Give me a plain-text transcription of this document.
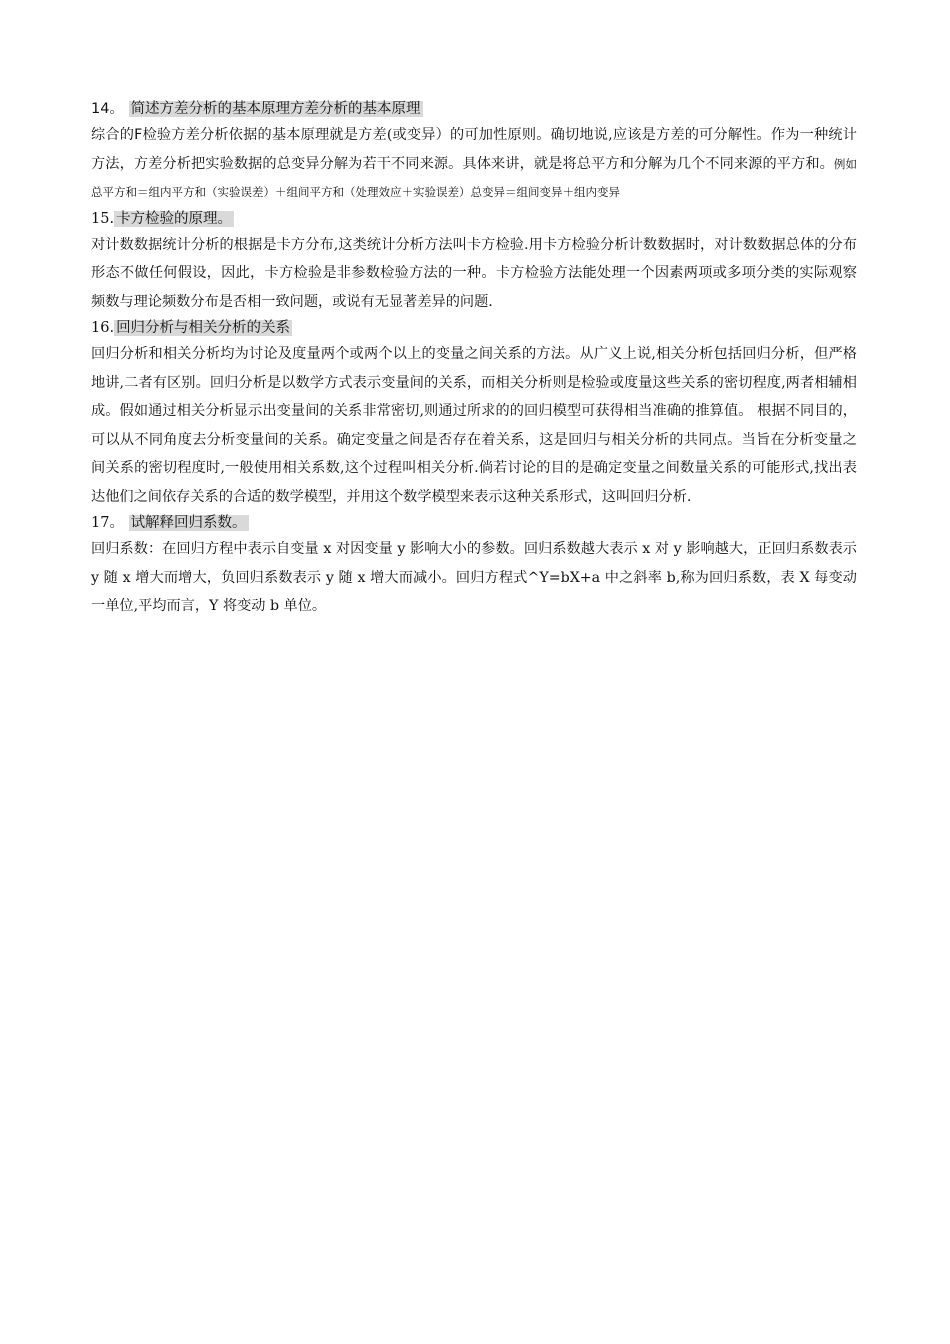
14。 简述方差分析的基本原理方差分析的基本原理

综合的F检验方差分析依据的基本原理就是方差(或变异）的可加性原则。确切地说,应该是方差的可分解性。作为一种统计方法，方差分析把实验数据的总变异分解为若干不同来源。具体来讲，就是将总平方和分解为几个不同来源的平方和。例如总平方和＝组内平方和（实验误差）＋组间平方和（处理效应＋实验误差）总变异＝组间变异＋组内变异

15. 卡方检验的原理。

对计数数据统计分析的根据是卡方分布,这类统计分析方法叫卡方检验.用卡方检验分析计数数据时，对计数数据总体的分布形态不做任何假设，因此，卡方检验是非参数检验方法的一种。卡方检验方法能处理一个因素两项或多项分类的实际观察频数与理论频数分布是否相一致问题，或说有无显著差异的问题.

16. 回归分析与相关分析的关系

回归分析和相关分析均为讨论及度量两个或两个以上的变量之间关系的方法。从广义上说,相关分析包括回归分析，但严格地讲,二者有区别。回归分析是以数学方式表示变量间的关系，而相关分析则是检验或度量这些关系的密切程度,两者相辅相成。假如通过相关分析显示出变量间的关系非常密切,则通过所求的的回归模型可获得相当准确的推算值。 根据不同目的，可以从不同角度去分析变量间的关系。确定变量之间是否存在着关系，这是回归与相关分析的共同点。当旨在分析变量之间关系的密切程度时,一般使用相关系数,这个过程叫相关分析.倘若讨论的目的是确定变量之间数量关系的可能形式,找出表达他们之间依存关系的合适的数学模型，并用这个数学模型来表示这种关系形式，这叫回归分析.

17。 试解释回归系数。

回归系数：在回归方程中表示自变量 x 对因变量 y 影响大小的参数。回归系数越大表示 x 对 y 影响越大，正回归系数表示 y 随 x 增大而增大，负回归系数表示 y 随 x 增大而减小。回归方程式^Y=bX+a 中之斜率 b,称为回归系数，表 X 每变动一单位,平均而言，Y 将变动 b 单位。
